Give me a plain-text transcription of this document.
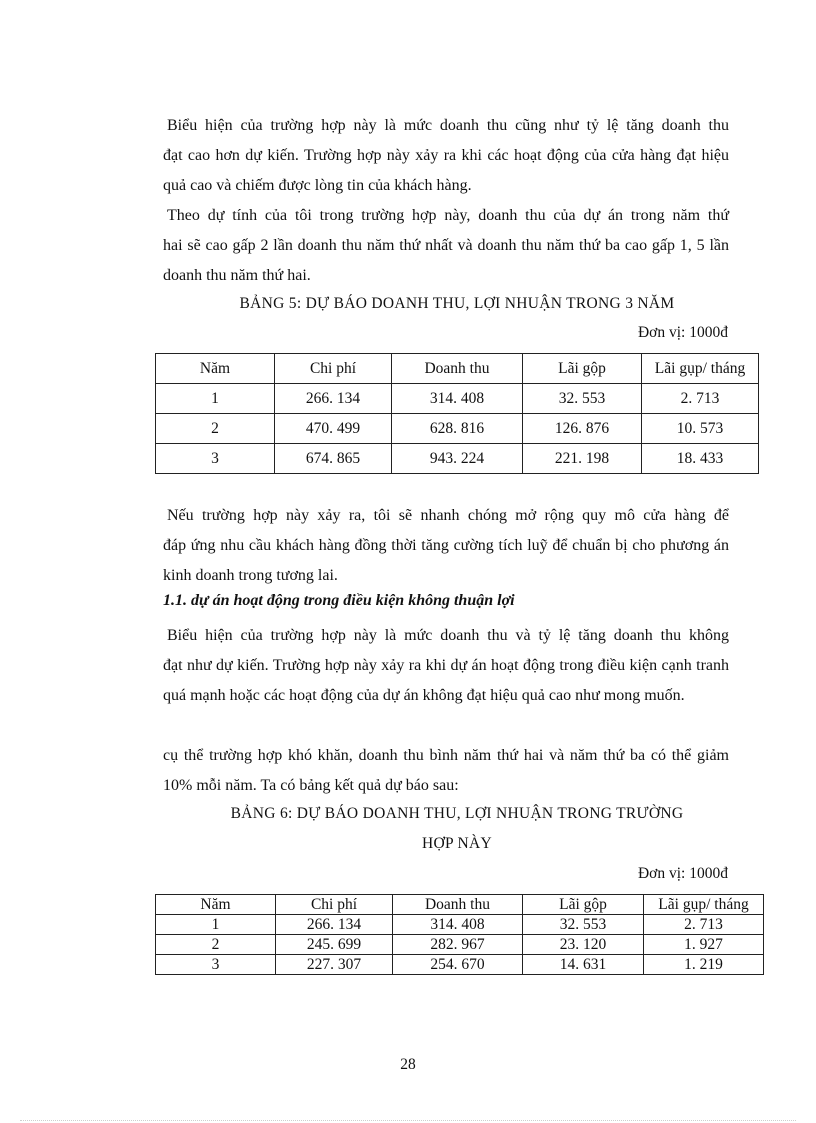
Biểu hiện của trường hợp này là mức doanh thu cũng như tỷ lệ tăng doanh thu
đạt cao hơn dự kiến. Trường hợp này xảy ra khi các hoạt động của cửa hàng đạt hiệu quả cao và chiếm được lòng tin của khách hàng.

Theo dự tính của tôi trong trường hợp này, doanh thu của dự án trong năm thứ
hai sẽ cao gấp 2 lần doanh thu năm thứ nhất và doanh thu năm thứ ba cao gấp 1, 5 lần doanh thu năm thứ hai.

BẢNG 5: DỰ BÁO DOANH THU, LỢI NHUẬN TRONG 3 NĂM
Đơn vị: 1000đ
Năm	Chi phí	Doanh thu	Lãi gộp	Lãi gụp/ tháng
1	266. 134	314. 408	32. 553	2. 713
2	470. 499	628. 816	126. 876	10. 573
3	674. 865	943. 224	221. 198	18. 433

Nếu trường hợp này xảy ra, tôi sẽ nhanh chóng mở rộng quy mô cửa hàng để
đáp ứng nhu cầu khách hàng đồng thời tăng cường tích luỹ để chuẩn bị cho phương án kinh doanh trong tương lai.

1.1. dự án hoạt động trong điều kiện không thuận lợi

Biểu hiện của trường hợp này là mức doanh thu và tỷ lệ tăng doanh thu không
đạt như dự kiến. Trường hợp này xảy ra khi dự án hoạt động trong điều kiện cạnh tranh quá mạnh hoặc các hoạt động của dự án không đạt hiệu quả cao như mong muốn.

cụ thể trường hợp khó khăn, doanh thu bình năm thứ hai và năm thứ ba có thể giảm 10% mỗi năm. Ta có bảng kết quả dự báo sau:

BẢNG 6: DỰ BÁO DOANH THU, LỢI NHUẬN TRONG TRƯỜNG
HỢP NÀY
Đơn vị: 1000đ
Năm	Chi phí	Doanh thu	Lãi gộp	Lãi gụp/ tháng
1	266. 134	314. 408	32. 553	2. 713
2	245. 699	282. 967	23. 120	1. 927
3	227. 307	254. 670	14. 631	1. 219
28
